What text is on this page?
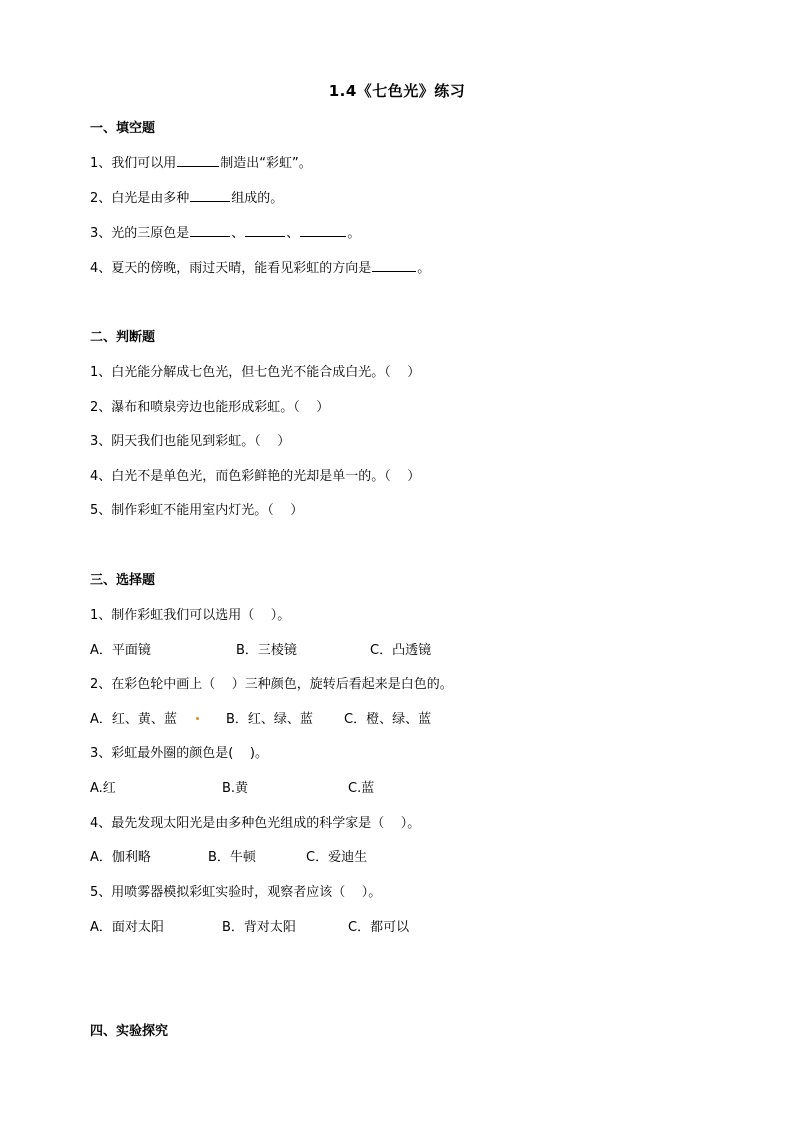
1.4《七色光》练习
一、填空题
1、我们可以用	制造出“彩虹”。
2、白光是由多种	组成的。
3、光的三原色是	、	、	。
4、夏天的傍晚，雨过天晴，能看见彩虹的方向是	。
二、判断题
1、白光能分解成七色光，但七色光不能合成白光。（    ）
2、瀑布和喷泉旁边也能形成彩虹。（    ）
3、阴天我们也能见到彩虹。（    ）
4、白光不是单色光，而色彩鲜艳的光却是单一的。（    ）
5、制作彩虹不能用室内灯光。（    ）
三、选择题
1、制作彩虹我们可以选用（    ）。
A．平面镜	B．三棱镜	C．凸透镜
2、在彩色轮中画上（    ）三种颜色，旋转后看起来是白色的。
A．红、黄、蓝	B．红、绿、蓝 C．橙、绿、蓝
3、彩虹最外圈的颜色是(    )。
A.红	B.黄	C.蓝
4、最先发现太阳光是由多种色光组成的科学家是（    ）。
A．伽利略	B．牛顿	C．爱迪生
5、用喷雾器模拟彩虹实验时，观察者应该（    ）。
A．面对太阳	B．背对太阳	C．都可以
四、实验探究
